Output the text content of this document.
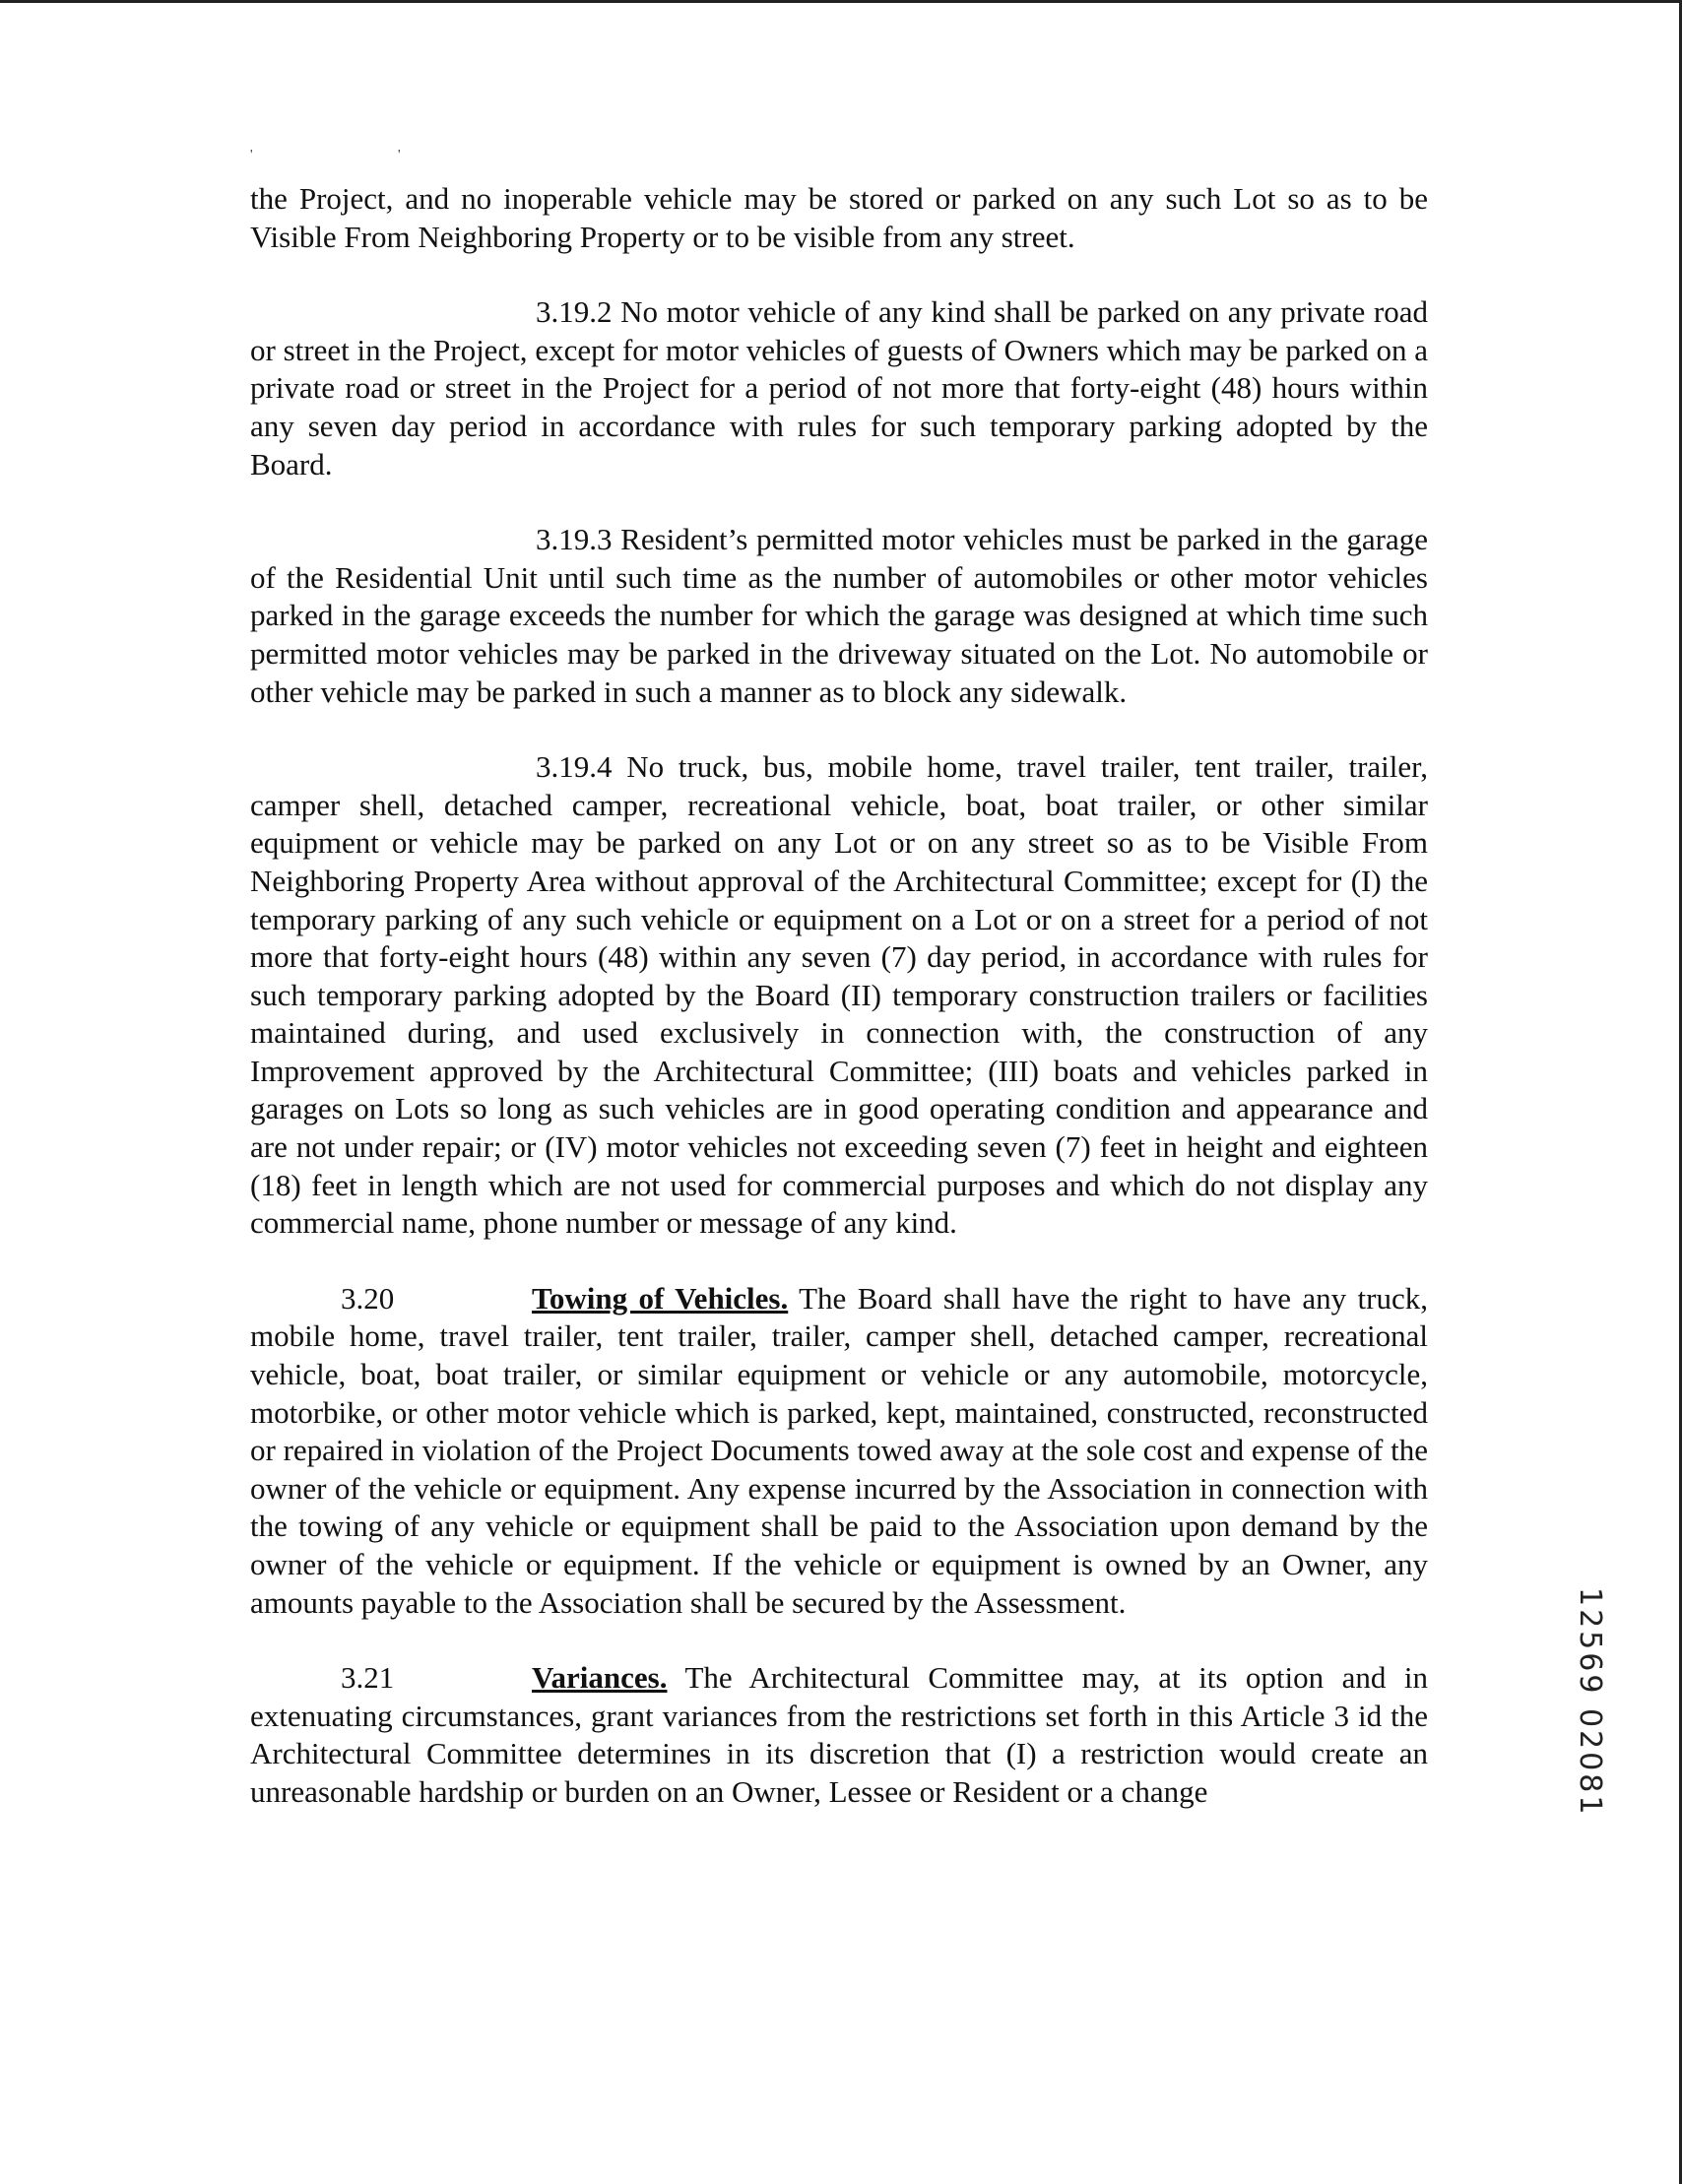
' '

the Project, and no inoperable vehicle may be stored or parked on any such Lot so as to be Visible From Neighboring Property or to be visible from any street.

3.19.2 No motor vehicle of any kind shall be parked on any private road or street in the Project, except for motor vehicles of guests of Owners which may be parked on a private road or street in the Project for a period of not more that forty-eight (48) hours within any seven day period in accordance with rules for such temporary parking adopted by the Board.

3.19.3 Resident’s permitted motor vehicles must be parked in the garage of the Residential Unit until such time as the number of automobiles or other motor vehicles parked in the garage exceeds the number for which the garage was designed at which time such permitted motor vehicles may be parked in the driveway situated on the Lot. No automobile or other vehicle may be parked in such a manner as to block any sidewalk.

3.19.4 No truck, bus, mobile home, travel trailer, tent trailer, trailer, camper shell, detached camper, recreational vehicle, boat, boat trailer, or other similar equipment or vehicle may be parked on any Lot or on any street so as to be Visible From Neighboring Property Area without approval of the Architectural Committee; except for (I) the temporary parking of any such vehicle or equipment on a Lot or on a street for a period of not more that forty-eight hours (48) within any seven (7) day period, in accordance with rules for such temporary parking adopted by the Board (II) temporary construction trailers or facilities maintained during, and used exclusively in connection with, the construction of any Improvement approved by the Architectural Committee; (III) boats and vehicles parked in garages on Lots so long as such vehicles are in good operating condition and appearance and are not under repair; or (IV) motor vehicles not exceeding seven (7) feet in height and eighteen (18) feet in length which are not used for commercial purposes and which do not display any commercial name, phone number or message of any kind.

3.20	Towing of Vehicles. The Board shall have the right to have any truck, mobile home, travel trailer, tent trailer, trailer, camper shell, detached camper, recreational vehicle, boat, boat trailer, or similar equipment or vehicle or any automobile, motorcycle, motorbike, or other motor vehicle which is parked, kept, maintained, constructed, reconstructed or repaired in violation of the Project Documents towed away at the sole cost and expense of the owner of the vehicle or equipment. Any expense incurred by the Association in connection with the towing of any vehicle or equipment shall be paid to the Association upon demand by the owner of the vehicle or equipment. If the vehicle or equipment is owned by an Owner, any amounts payable to the Association shall be secured by the Assessment.

3.21	Variances. The Architectural Committee may, at its option and in extenuating circumstances, grant variances from the restrictions set forth in this Article 3 id the Architectural Committee determines in its discretion that (I) a restriction would create an unreasonable hardship or burden on an Owner, Lessee or Resident or a change	12569 02081
